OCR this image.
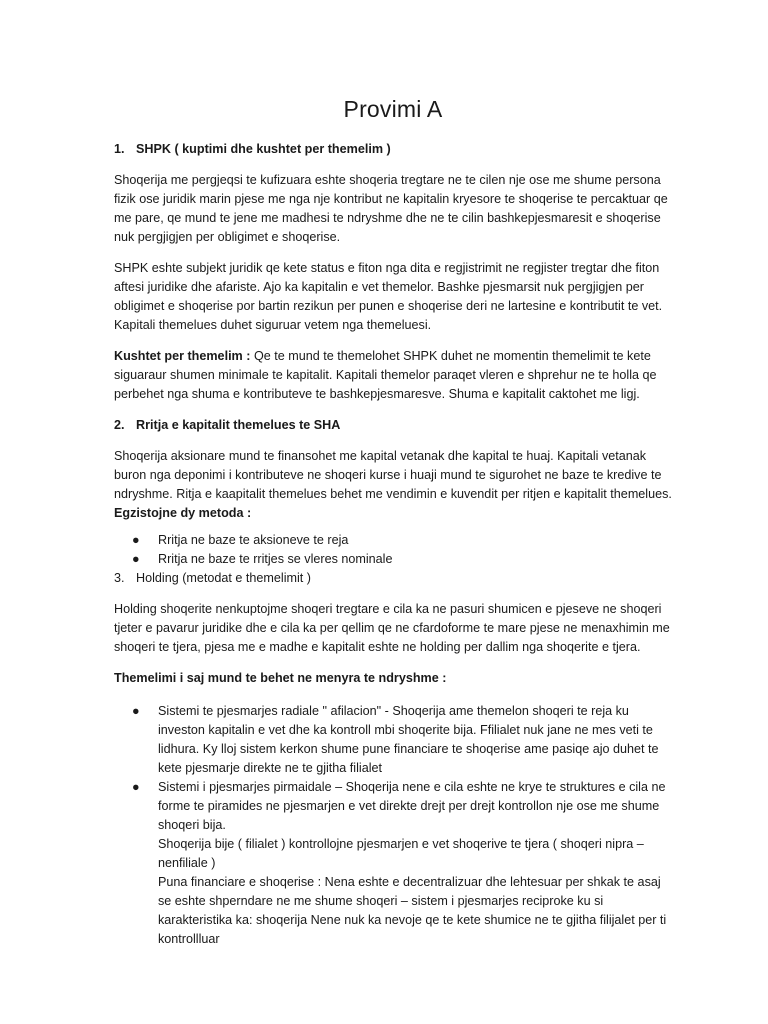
Provimi A
1. SHPK ( kuptimi dhe kushtet per themelim )

Shoqerija me pergjeqsi te kufizuara eshte shoqeria tregtare ne te cilen nje ose me shume persona fizik ose juridik marin pjese me nga nje kontribut ne kapitalin kryesore te shoqerise te percaktuar qe me pare, qe mund te jene me madhesi te ndryshme dhe ne te cilin bashkepjesmaresit e shoqerise nuk pergjigjen per obligimet e shoqerise.

SHPK eshte subjekt juridik qe kete status e fiton nga dita e regjistrimit ne regjister tregtar dhe fiton aftesi juridike dhe afariste. Ajo ka kapitalin e vet themelor. Bashke pjesmarsit nuk pergjigjen per obligimet e shoqerise por bartin rezikun per punen e shoqerise deri ne lartesine e kontributit te vet. Kapitali themelues duhet siguruar vetem nga themeluesi.

Kushtet per themelim : Qe te mund te themelohet SHPK duhet ne momentin themelimit te kete siguaraur shumen minimale te kapitalit. Kapitali themelor paraqet vleren e shprehur ne te holla qe perbehet nga shuma e kontributeve te bashkepjesmaresve. Shuma e kapitalit caktohet me ligj.

2. Rritja e kapitalit themelues te SHA

Shoqerija aksionare mund te finansohet me kapital vetanak dhe kapital te huaj. Kapitali vetanak buron nga deponimi i kontributeve ne shoqeri kurse i huaji mund te sigurohet ne baze te kredive te ndryshme. Ritja e kaapitalit themelues behet me vendimin e kuvendit per ritjen e kapitalit themelues. Egzistojne dy metoda :

● Rritja ne baze te aksioneve te reja
● Rritja ne baze te rritjes se vleres nominale
3. Holding (metodat e themelimit )

Holding shoqerite nenkuptojme shoqeri tregtare e cila ka ne pasuri shumicen e pjeseve ne shoqeri tjeter e pavarur juridike dhe e cila ka per qellim qe ne cfardoforme te mare pjese ne menaxhimin me shoqeri te tjera, pjesa me e madhe e kapitalit eshte ne holding per dallim nga shoqerite e tjera.

Themelimi i saj mund te behet ne menyra te ndryshme :

● Sistemi te pjesmarjes radiale " afilacion" - Shoqerija ame themelon shoqeri te reja ku investon kapitalin e vet dhe ka kontroll mbi shoqerite bija. Ffilialet nuk jane ne mes veti te lidhura. Ky lloj sistem kerkon shume pune financiare te shoqerise ame pasiqe ajo duhet te kete pjesmarje direkte ne te gjitha filialet
● Sistemi i pjesmarjes pirmaidale – Shoqerija nene e cila eshte ne krye te struktures e cila ne forme te piramides ne pjesmarjen e vet direkte drejt per drejt kontrollon nje ose me shume shoqeri bija.
Shoqerija bije ( filialet ) kontrollojne pjesmarjen e vet shoqerive te tjera ( shoqeri nipra – nenfiliale )
Puna financiare e shoqerise : Nena eshte e decentralizuar dhe lehtesuar per shkak te asaj se eshte shperndare ne me shume shoqeri – sistem i pjesmarjes reciproke ku si karakteristika ka: shoqerija Nene nuk ka nevoje qe te kete shumice ne te gjitha filijalet per ti kontrollluar
